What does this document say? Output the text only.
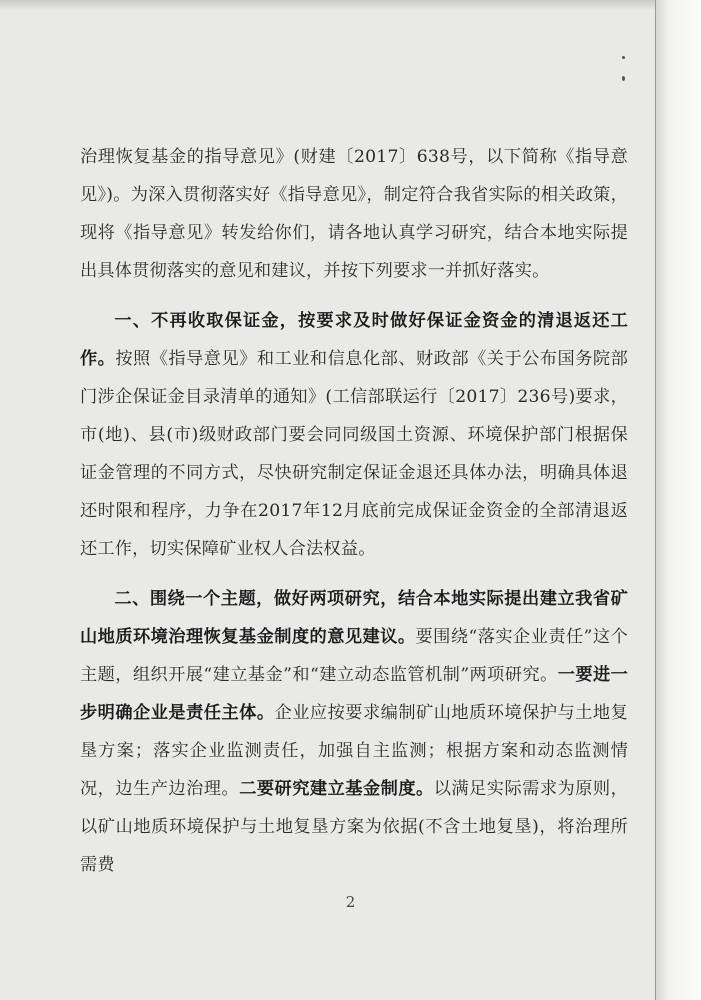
治理恢复基金的指导意见》(财建〔2017〕638号，以下简称《指导意见》)。为深入贯彻落实好《指导意见》，制定符合我省实际的相关政策，现将《指导意见》转发给你们，请各地认真学习研究，结合本地实际提出具体贯彻落实的意见和建议，并按下列要求一并抓好落实。

一、不再收取保证金，按要求及时做好保证金资金的清退返还工作。按照《指导意见》和工业和信息化部、财政部《关于公布国务院部门涉企保证金目录清单的通知》(工信部联运行〔2017〕236号)要求，市(地)、县(市)级财政部门要会同同级国土资源、环境保护部门根据保证金管理的不同方式，尽快研究制定保证金退还具体办法，明确具体退还时限和程序，力争在2017年12月底前完成保证金资金的全部清退返还工作，切实保障矿业权人合法权益。

二、围绕一个主题，做好两项研究，结合本地实际提出建立我省矿山地质环境治理恢复基金制度的意见建议。要围绕“落实企业责任”这个主题，组织开展“建立基金”和“建立动态监管机制”两项研究。一要进一步明确企业是责任主体。企业应按要求编制矿山地质环境保护与土地复垦方案；落实企业监测责任，加强自主监测；根据方案和动态监测情况，边生产边治理。二要研究建立基金制度。以满足实际需求为原则，以矿山地质环境保护与土地复垦方案为依据(不含土地复垦)，将治理所需费

2
